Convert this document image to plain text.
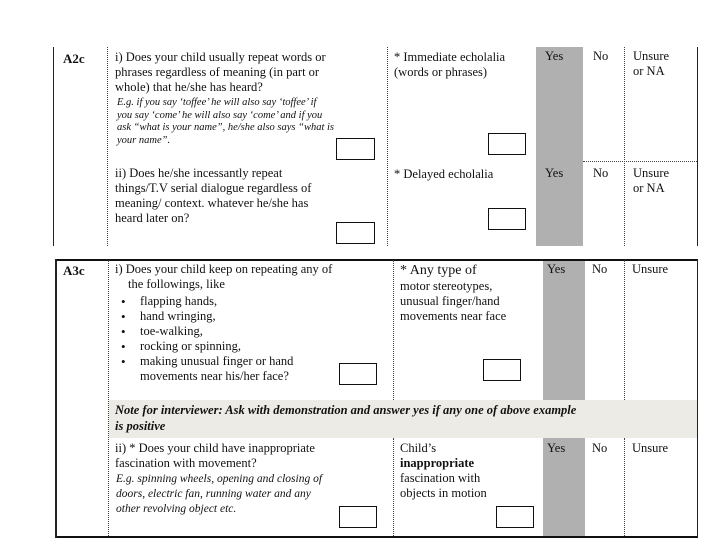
A2c i) Does your child usually repeat words or
phrases regardless of meaning (in part or
whole) that he/she has heard?
E.g. if you say ‘toffee’ he will also say ‘toffee’ if
you say ‘come’ he will also say ‘come’ and if you
ask “what is your name”, he/she also says “what is
your name”.
* Immediate echolalia
(words or phrases)
Yes No Unsure
or NA
ii) Does he/she incessantly repeat
things/T.V serial dialogue regardless of
meaning/ context. whatever he/she has
heard later on?
* Delayed echolalia	Yes No Unsure
or NA
A3c i) Does your child keep on repeating any of
the followings, like
• flapping hands,
• hand wringing,
• toe-walking,
• rocking or spinning,
• making unusual finger or hand
movements near his/her face?
* Any type of
motor stereotypes,
unusual finger/hand
movements near face
Yes No Unsure
Note for interviewer: Ask with demonstration and answer yes if any one of above example
is positive
ii) * Does your child have inappropriate
fascination with movement?
E.g. spinning wheels, opening and closing of
doors, electric fan, running water and any
other revolving object etc.
Child’s
inappropriate
fascination with
objects in motion
Yes No Unsure
